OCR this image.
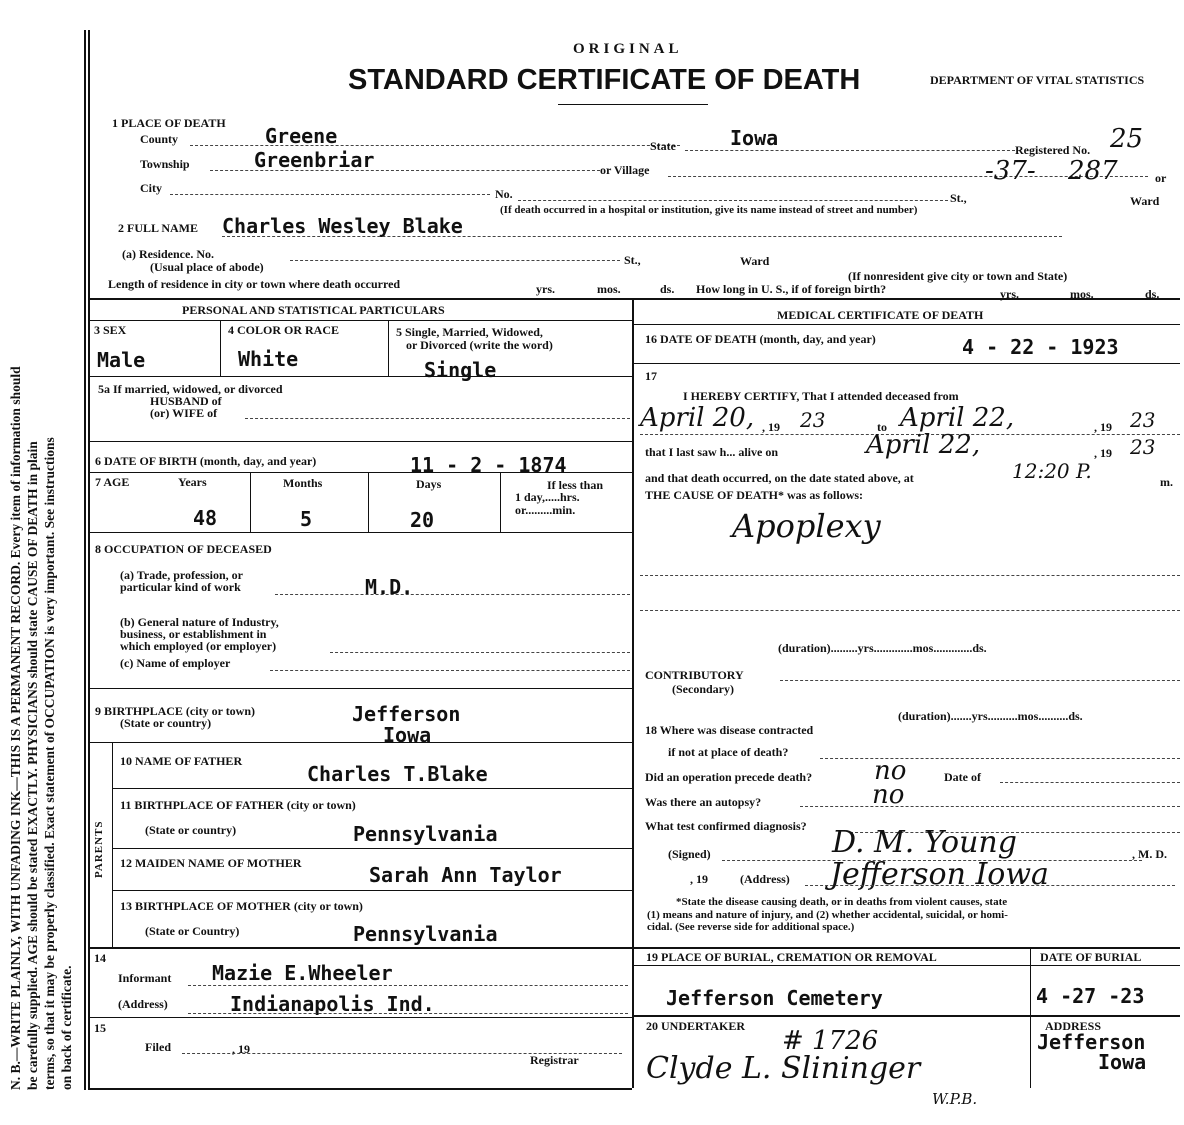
N. B.—WRITE PLAINLY, WITH UNFADING INK—THIS IS A PERMANENT RECORD. Every item of information should be carefully supplied. AGE should be stated EXACTLY. PHYSICIANS should state CAUSE OF DEATH in plain terms, so that it may be properly classified. Exact statement of OCCUPATION is very important. See instructions on back of certificate.
ORIGINAL
STANDARD CERTIFICATE OF DEATH	DEPARTMENT OF VITAL STATISTICS
1 PLACE OF DEATH
County	Greene	State	Iowa	Registered No. 25
Township	Greenbriar	or Village	-37- 287	or
City	No.	St.,	Ward
(If death occurred in a hospital or institution, give its name instead of street and number)
2 FULL NAME Charles Wesley Blake
(a) Residence. No.	St.,	Ward
(Usual place of abode)
(If nonresident give city or town and State)
Length of residence in city or town where death occurred	yrs.	mos.	ds. How long in U. S., if of foreign birth?	yrs.	mos.	ds.
PERSONAL AND STATISTICAL PARTICULARS
3 SEX
Male
4 COLOR OR RACE
White
5 Single, Married, Widowed,
or Divorced (write the word)
Single
5a If married, widowed, or divorced
HUSBAND of
(or) WIFE of
6 DATE OF BIRTH (month, day, and year)	11 - 2 - 1874
7 AGE	Years	Months	Days	If less than
1 day,.....hrs.
or.........min.
48	5	20
8 OCCUPATION OF DECEASED
(a) Trade, profession, or
particular kind of work	M.D.
(b) General nature of Industry,
business, or establishment in
which employed (or employer)
(c) Name of employer
9 BIRTHPLACE (city or town)
(State or country)	Jefferson
Iowa
PARENTS
10 NAME OF FATHER
Charles T.Blake
11 BIRTHPLACE OF FATHER (city or town)
(State or country)	Pennsylvania
12 MAIDEN NAME OF MOTHER	Sarah Ann Taylor
13 BIRTHPLACE OF MOTHER (city or town)
(State or Country)	Pennsylvania
14
Informant Mazie E.Wheeler
(Address)	Indianapolis Ind.
15
Filed	, 19
Registrar
MEDICAL CERTIFICATE OF DEATH
16 DATE OF DEATH (month, day, and year)	4 - 22 - 1923
17
I HEREBY CERTIFY, That I attended deceased from
April 20, , 19 23	to April 22,	, 19 23
that I last saw h... alive on	April 22,	, 19 23
and that death occurred, on the date stated above, at	12:20 P.	m.
THE CAUSE OF DEATH* was as follows:
Apoplexy
(duration).........yrs.............mos.............ds.
CONTRIBUTORY
(Secondary)
(duration).......yrs..........mos..........ds.
18 Where was disease contracted
if not at place of death?
Did an operation precede death? no	Date of
Was there an autopsy?	no
What test confirmed diagnosis?
(Signed)	D. M. Young	, M. D.
, 19	(Address) Jefferson Iowa
*State the disease causing death, or in deaths from violent causes, state
(1) means and nature of injury, and (2) whether accidental, suicidal, or homi-
cidal. (See reverse side for additional space.)
19 PLACE OF BURIAL, CREMATION OR REMOVAL	DATE OF BURIAL
Jefferson Cemetery	4 -27 -23
20 UNDERTAKER # 1726
Clyde L. Slininger
W.P.B.
ADDRESS
Jefferson
Iowa
